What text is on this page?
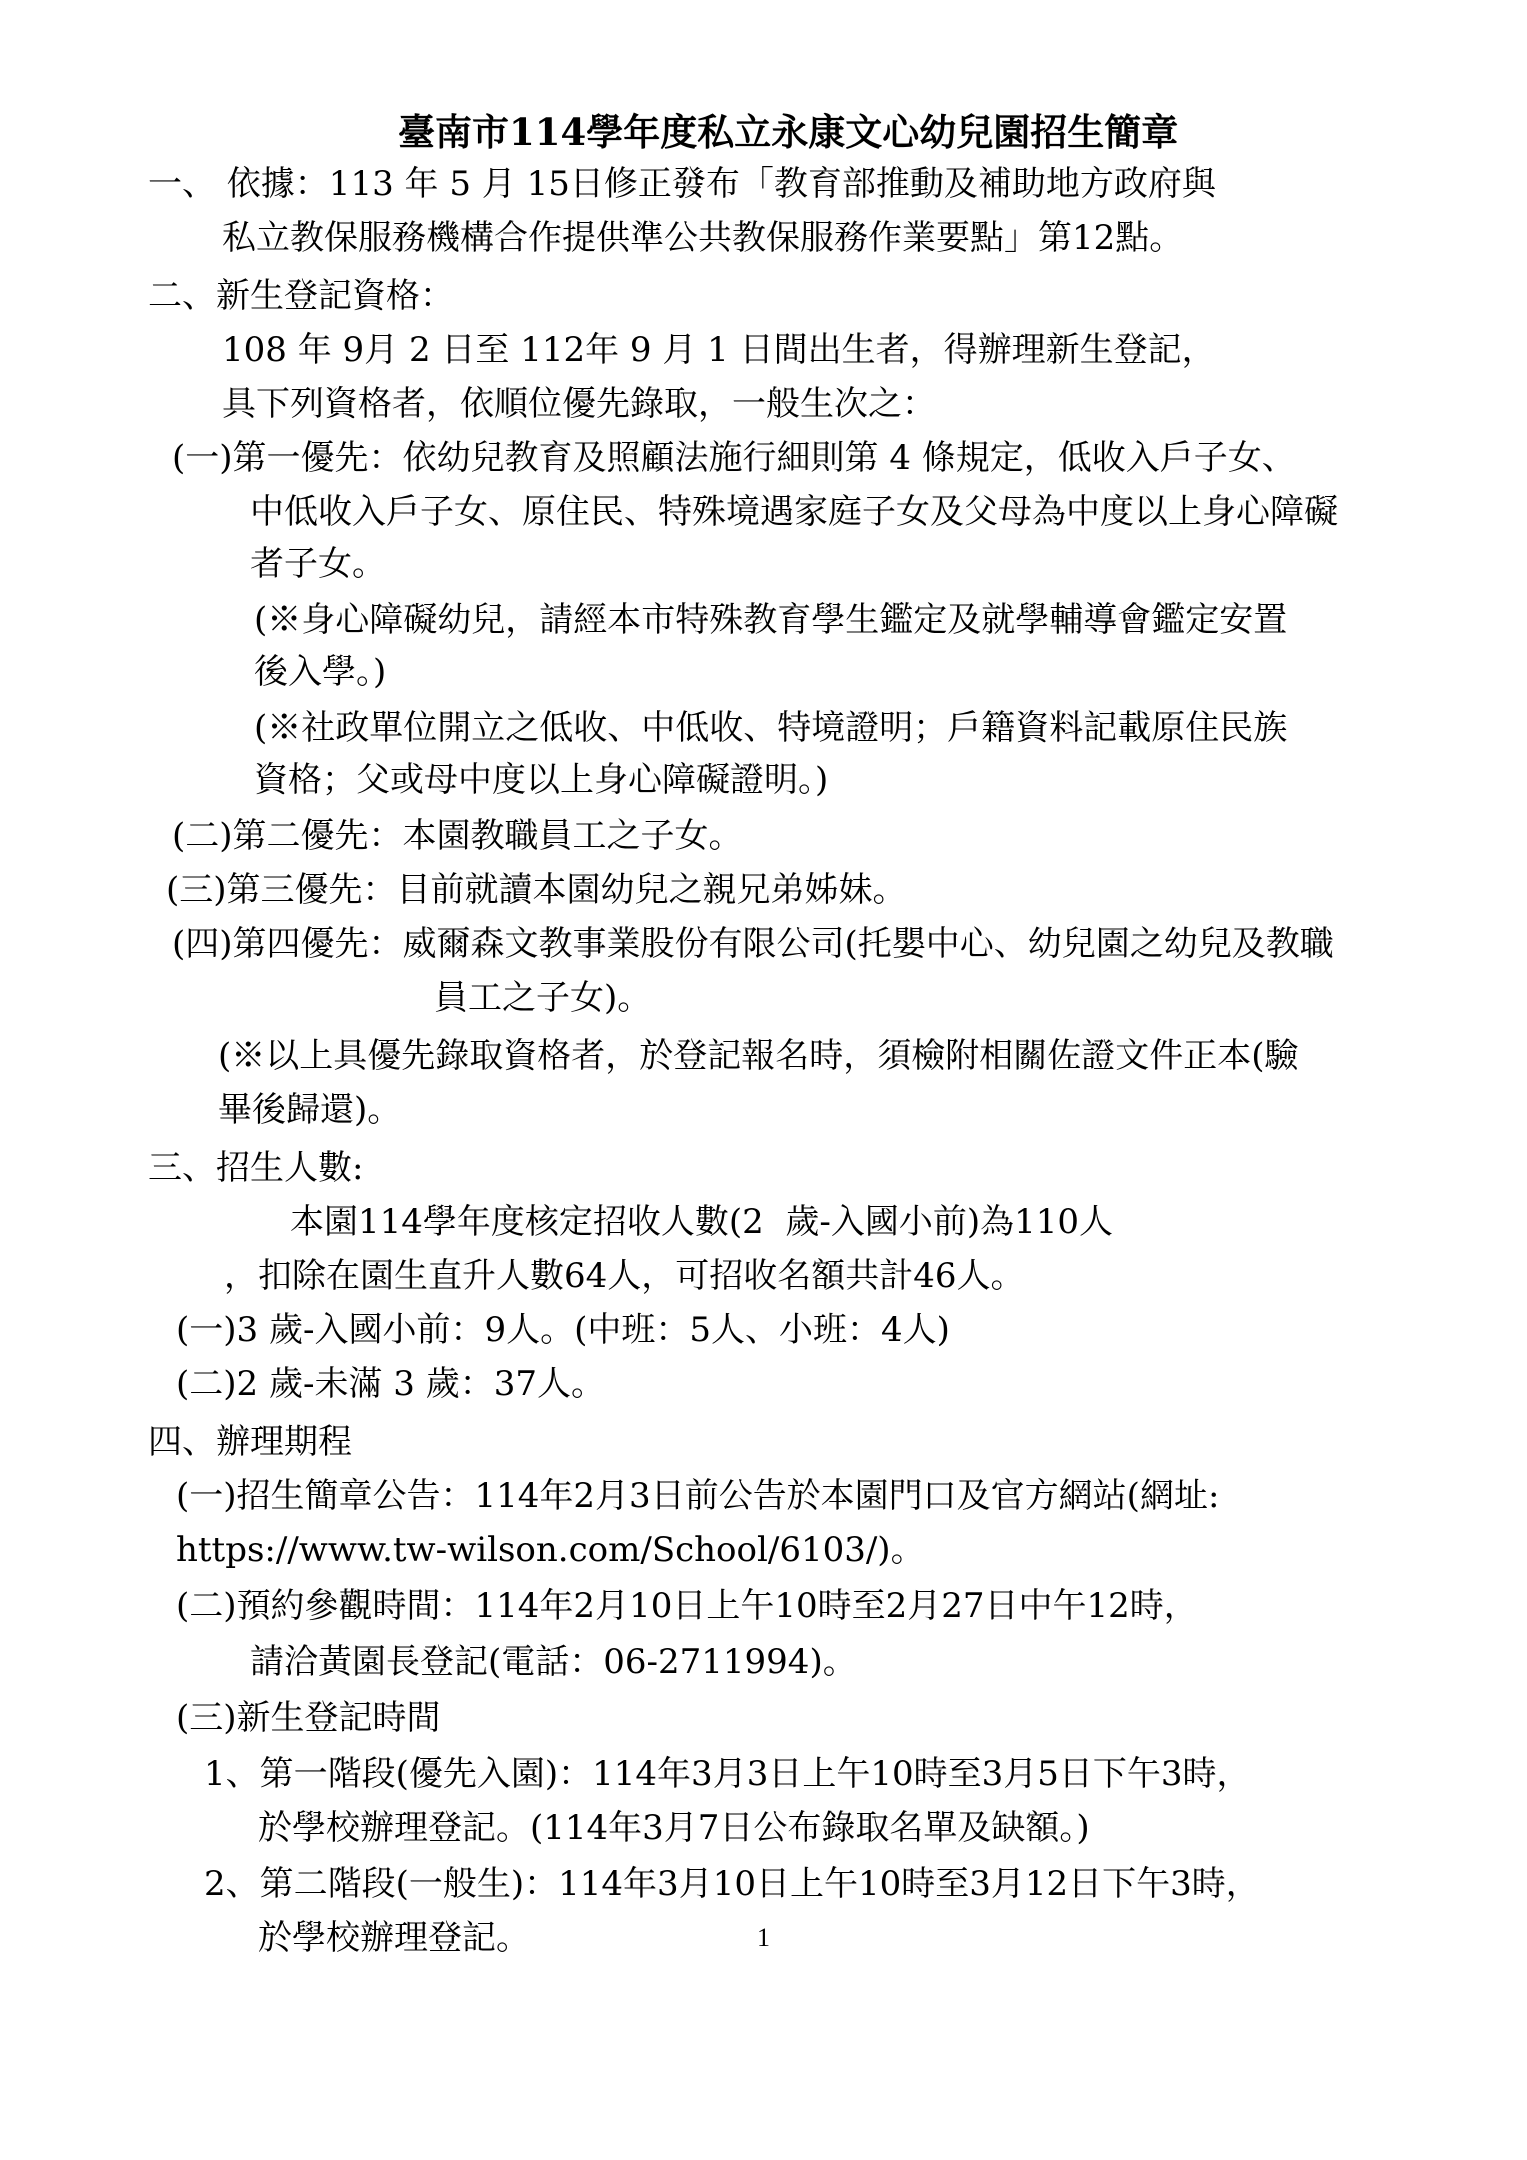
臺南市114學年度私立永康文心幼兒園招生簡章
一、 依據：113 年 5 月 15日修正發布「教育部推動及補助地方政府與
私立教保服務機構合作提供準公共教保服務作業要點」第12點。
二、新生登記資格：
108 年 9月 2 日至 112年 9 月 1 日間出生者，得辦理新生登記，
具下列資格者，依順位優先錄取，一般生次之：
(一)第一優先：依幼兒教育及照顧法施行細則第 4 條規定，低收入戶子女、
中低收入戶子女、原住民、特殊境遇家庭子女及父母為中度以上身心障礙
者子女。
(※身心障礙幼兒，請經本市特殊教育學生鑑定及就學輔導會鑑定安置
後入學。)
(※社政單位開立之低收、中低收、特境證明；戶籍資料記載原住民族
資格；父或母中度以上身心障礙證明。)
(二)第二優先：本園教職員工之子女。
(三)第三優先：目前就讀本園幼兒之親兄弟姊妹。
(四)第四優先：威爾森文教事業股份有限公司(托嬰中心、幼兒園之幼兒及教職
員工之子女)。
(※以上具優先錄取資格者，於登記報名時，須檢附相關佐證文件正本(驗
畢後歸還)。
三、招生人數:
本園114學年度核定招收人數(2  歲-入國小前)為110人
，扣除在園生直升人數64人，可招收名額共計46人。
(一)3 歲-入國小前：9人。(中班：5人、小班：4人)
(二)2 歲-未滿 3 歲：37人。
四、辦理期程
(一)招生簡章公告：114年2月3日前公告於本園門口及官方網站(網址:
https://www.tw-wilson.com/School/6103/)。
(二)預約參觀時間：114年2月10日上午10時至2月27日中午12時，
請洽黃園長登記(電話：06-2711994)。
(三)新生登記時間
1、第一階段(優先入園)：114年3月3日上午10時至3月5日下午3時，
於學校辦理登記。(114年3月7日公布錄取名單及缺額。)
2、第二階段(一般生)：114年3月10日上午10時至3月12日下午3時，
於學校辦理登記。	1
